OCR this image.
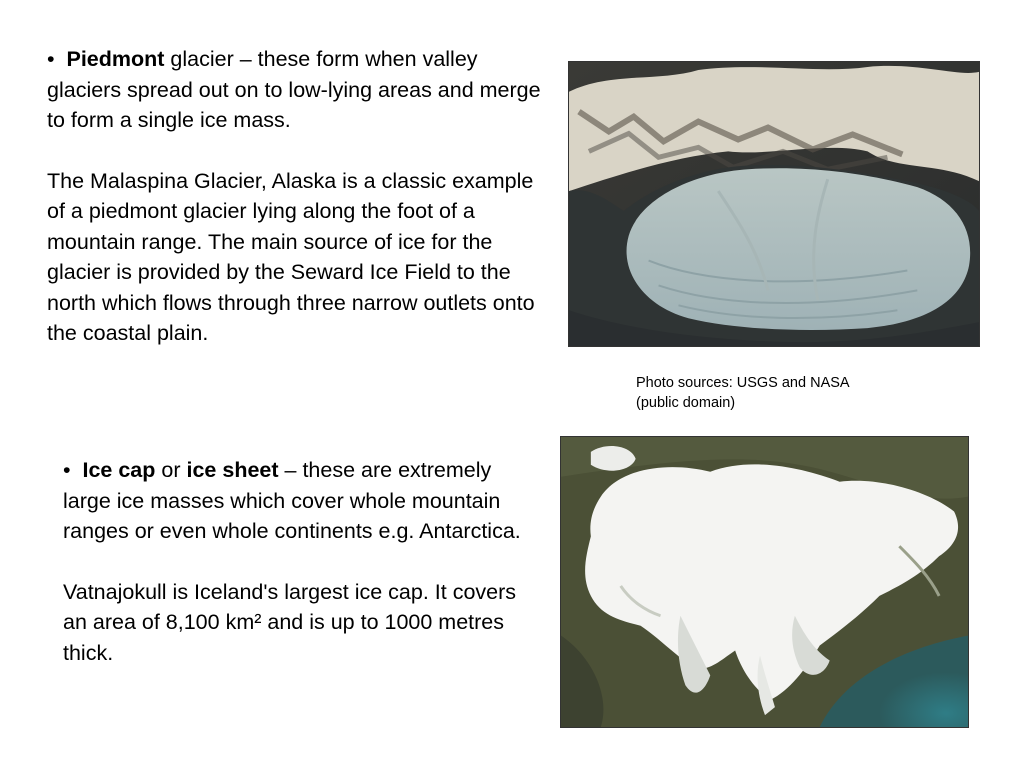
• Piedmont glacier – these form when valley glaciers spread out on to low-lying areas and merge to form a single ice mass.

The Malaspina Glacier, Alaska is a classic example of a piedmont glacier lying along the foot of a mountain range. The main source of ice for the glacier is provided by the Seward Ice Field to the north which flows through three narrow outlets onto the coastal plain.

Photo sources: USGS and NASA
(public domain)

• Ice cap or ice sheet – these are extremely large ice masses which cover whole mountain ranges or even whole continents e.g. Antarctica.

Vatnajokull is Iceland's largest ice cap. It covers an area of 8,100 km² and is up to 1000 metres thick.
